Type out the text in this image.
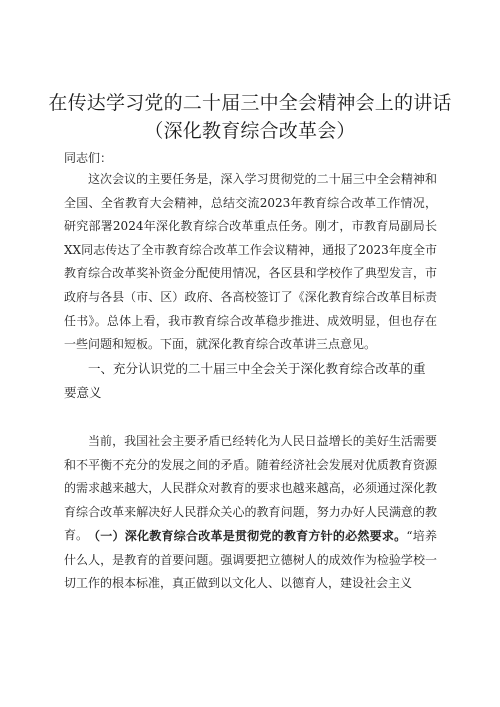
在传达学习党的二十届三中全会精神会上的讲话
（深化教育综合改革会）
同志们：

这次会议的主要任务是，深入学习贯彻党的二十届三中全会精神和全国、全省教育大会精神，总结交流2023年教育综合改革工作情况，研究部署2024年深化教育综合改革重点任务。刚才，市教育局副局长XX同志传达了全市教育综合改革工作会议精神，通报了2023年度全市教育综合改革奖补资金分配使用情况，各区县和学校作了典型发言，市政府与各县（市、区）政府、各高校签订了《深化教育综合改革目标责任书》。总体上看，我市教育综合改革稳步推进、成效明显，但也存在一些问题和短板。下面，就深化教育综合改革讲三点意见。

一、充分认识党的二十届三中全会关于深化教育综合改革的重要意义

当前，我国社会主要矛盾已经转化为人民日益增长的美好生活需要和不平衡不充分的发展之间的矛盾。随着经济社会发展对优质教育资源的需求越来越大，人民群众对教育的要求也越来越高，必须通过深化教育综合改革来解决好人民群众关心的教育问题，努力办好人民满意的教育。 （一）深化教育综合改革是贯彻党的教育方针的必然要求。“培养什么人，是教育的首要问题。强调要把立德树人的成效作为检验学校一切工作的根本标准，真正做到以文化人、以德育人，建设社会主义
